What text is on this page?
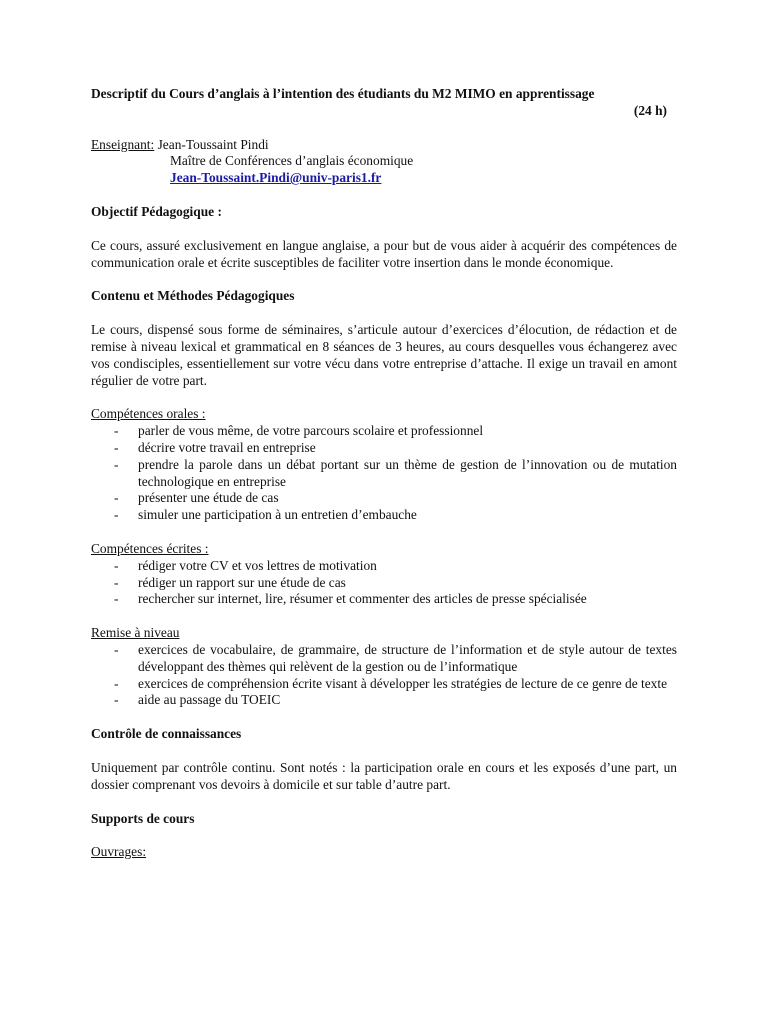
Descriptif du Cours d’anglais à l’intention des étudiants du M2 MIMO en apprentissage
(24 h)
Enseignant: Jean-Toussaint Pindi
Maître de Conférences d’anglais économique
Jean-Toussaint.Pindi@univ-paris1.fr
Objectif Pédagogique :

Ce cours, assuré exclusivement en langue anglaise, a pour but de vous aider à acquérir des compétences de communication orale et écrite susceptibles de faciliter votre insertion dans le monde économique.

Contenu et Méthodes Pédagogiques

Le cours, dispensé sous forme de séminaires, s’articule autour d’exercices d’élocution, de rédaction et de remise à niveau lexical et grammatical en 8 séances de 3 heures, au cours desquelles vous échangerez avec vos condisciples, essentiellement sur votre vécu dans votre entreprise d’attache. Il exige un travail en amont régulier de votre part.

Compétences orales :
- parler de vous même, de votre parcours scolaire et professionnel
- décrire votre travail en entreprise
- prendre la parole dans un débat portant sur un thème de gestion de l’innovation ou de mutation technologique en entreprise
- présenter une étude de cas
- simuler une participation à un entretien d’embauche
Compétences écrites :
- rédiger votre CV et vos lettres de motivation
- rédiger un rapport sur une étude de cas
- rechercher sur internet, lire, résumer et commenter des articles de presse spécialisée
Remise à niveau
- exercices de vocabulaire, de grammaire, de structure de l’information et de style autour de textes développant des thèmes qui relèvent de la gestion ou de l’informatique
- exercices de compréhension écrite visant à développer les stratégies de lecture de ce genre de texte
- aide au passage du TOEIC
Contrôle de connaissances

Uniquement par contrôle continu. Sont notés : la participation orale en cours et les exposés d’une part, un dossier comprenant vos devoirs à domicile et sur table d’autre part.

Supports de cours
Ouvrages:
